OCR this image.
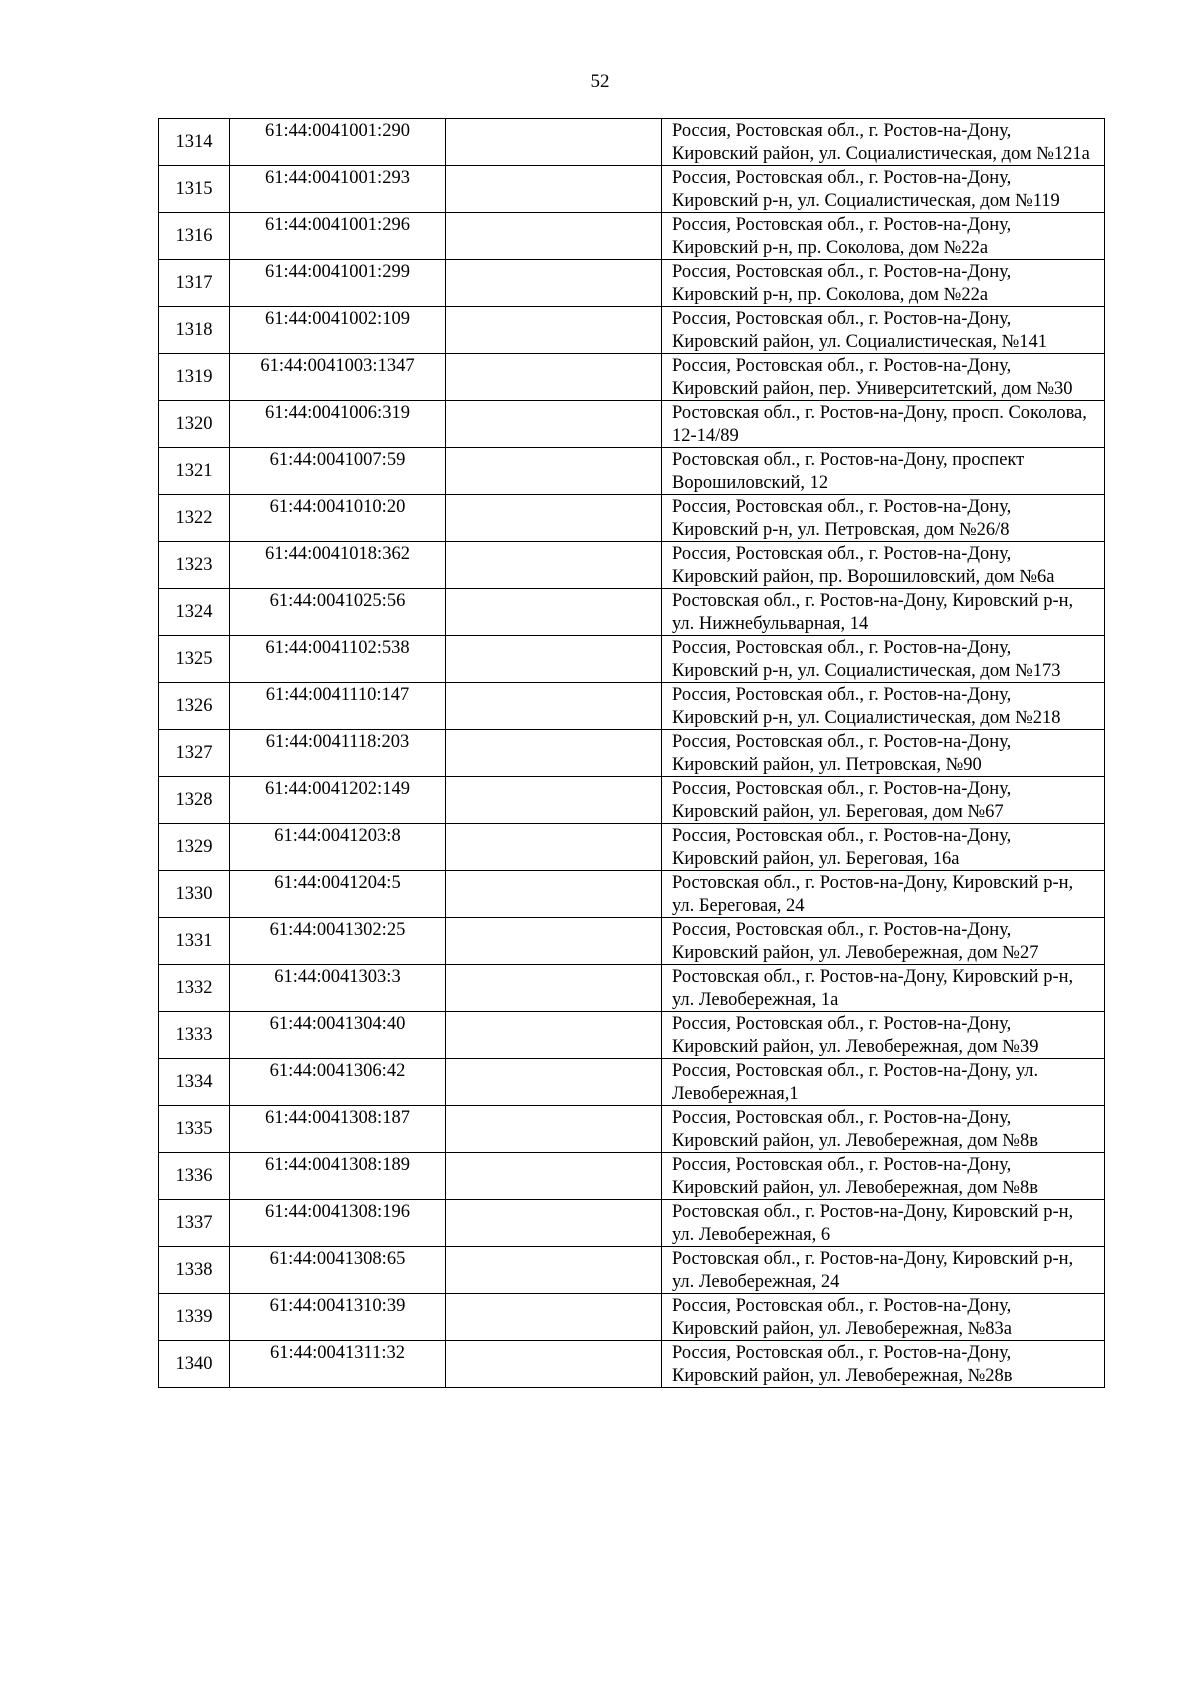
52
1314	61:44:0041001:290		Россия, Ростовская обл., г. Ростов-на-Дону, Кировский район, ул. Социалистическая, дом №121а
1315	61:44:0041001:293		Россия, Ростовская обл., г. Ростов-на-Дону, Кировский р-н, ул. Социалистическая, дом №119
1316	61:44:0041001:296		Россия, Ростовская обл., г. Ростов-на-Дону, Кировский р-н, пр. Соколова, дом №22а
1317	61:44:0041001:299		Россия, Ростовская обл., г. Ростов-на-Дону, Кировский р-н, пр. Соколова, дом №22а
1318	61:44:0041002:109		Россия, Ростовская обл., г. Ростов-на-Дону, Кировский район, ул. Социалистическая, №141
1319	61:44:0041003:1347		Россия, Ростовская обл., г. Ростов-на-Дону, Кировский район, пер. Университетский, дом №30
1320	61:44:0041006:319		Ростовская обл., г. Ростов-на-Дону, просп. Соколова, 12-14/89
1321	61:44:0041007:59		Ростовская обл., г. Ростов-на-Дону, проспект Ворошиловский, 12
1322	61:44:0041010:20		Россия, Ростовская обл., г. Ростов-на-Дону, Кировский р-н, ул. Петровская, дом №26/8
1323	61:44:0041018:362		Россия, Ростовская обл., г. Ростов-на-Дону, Кировский район, пр. Ворошиловский, дом №6а
1324	61:44:0041025:56		Ростовская обл., г. Ростов-на-Дону, Кировский р-н, ул. Нижнебульварная, 14
1325	61:44:0041102:538		Россия, Ростовская обл., г. Ростов-на-Дону, Кировский р-н, ул. Социалистическая, дом №173
1326	61:44:0041110:147		Россия, Ростовская обл., г. Ростов-на-Дону, Кировский р-н, ул. Социалистическая, дом №218
1327	61:44:0041118:203		Россия, Ростовская обл., г. Ростов-на-Дону, Кировский район, ул. Петровская, №90
1328	61:44:0041202:149		Россия, Ростовская обл., г. Ростов-на-Дону, Кировский район, ул. Береговая, дом №67
1329	61:44:0041203:8		Россия, Ростовская обл., г. Ростов-на-Дону, Кировский район, ул. Береговая, 16а
1330	61:44:0041204:5		Ростовская обл., г. Ростов-на-Дону, Кировский р-н, ул. Береговая, 24
1331	61:44:0041302:25		Россия, Ростовская обл., г. Ростов-на-Дону, Кировский район, ул. Левобережная, дом №27
1332	61:44:0041303:3		Ростовская обл., г. Ростов-на-Дону, Кировский р-н, ул. Левобережная, 1а
1333	61:44:0041304:40		Россия, Ростовская обл., г. Ростов-на-Дону, Кировский район, ул. Левобережная, дом №39
1334	61:44:0041306:42		Россия, Ростовская обл., г. Ростов-на-Дону, ул. Левобережная,1
1335	61:44:0041308:187		Россия, Ростовская обл., г. Ростов-на-Дону, Кировский район, ул. Левобережная, дом №8в
1336	61:44:0041308:189		Россия, Ростовская обл., г. Ростов-на-Дону, Кировский район, ул. Левобережная, дом №8в
1337	61:44:0041308:196		Ростовская обл., г. Ростов-на-Дону, Кировский р-н, ул. Левобережная, 6
1338	61:44:0041308:65		Ростовская обл., г. Ростов-на-Дону, Кировский р-н, ул. Левобережная, 24
1339	61:44:0041310:39		Россия, Ростовская обл., г. Ростов-на-Дону, Кировский район, ул. Левобережная, №83а
1340	61:44:0041311:32		Россия, Ростовская обл., г. Ростов-на-Дону, Кировский район, ул. Левобережная, №28в
